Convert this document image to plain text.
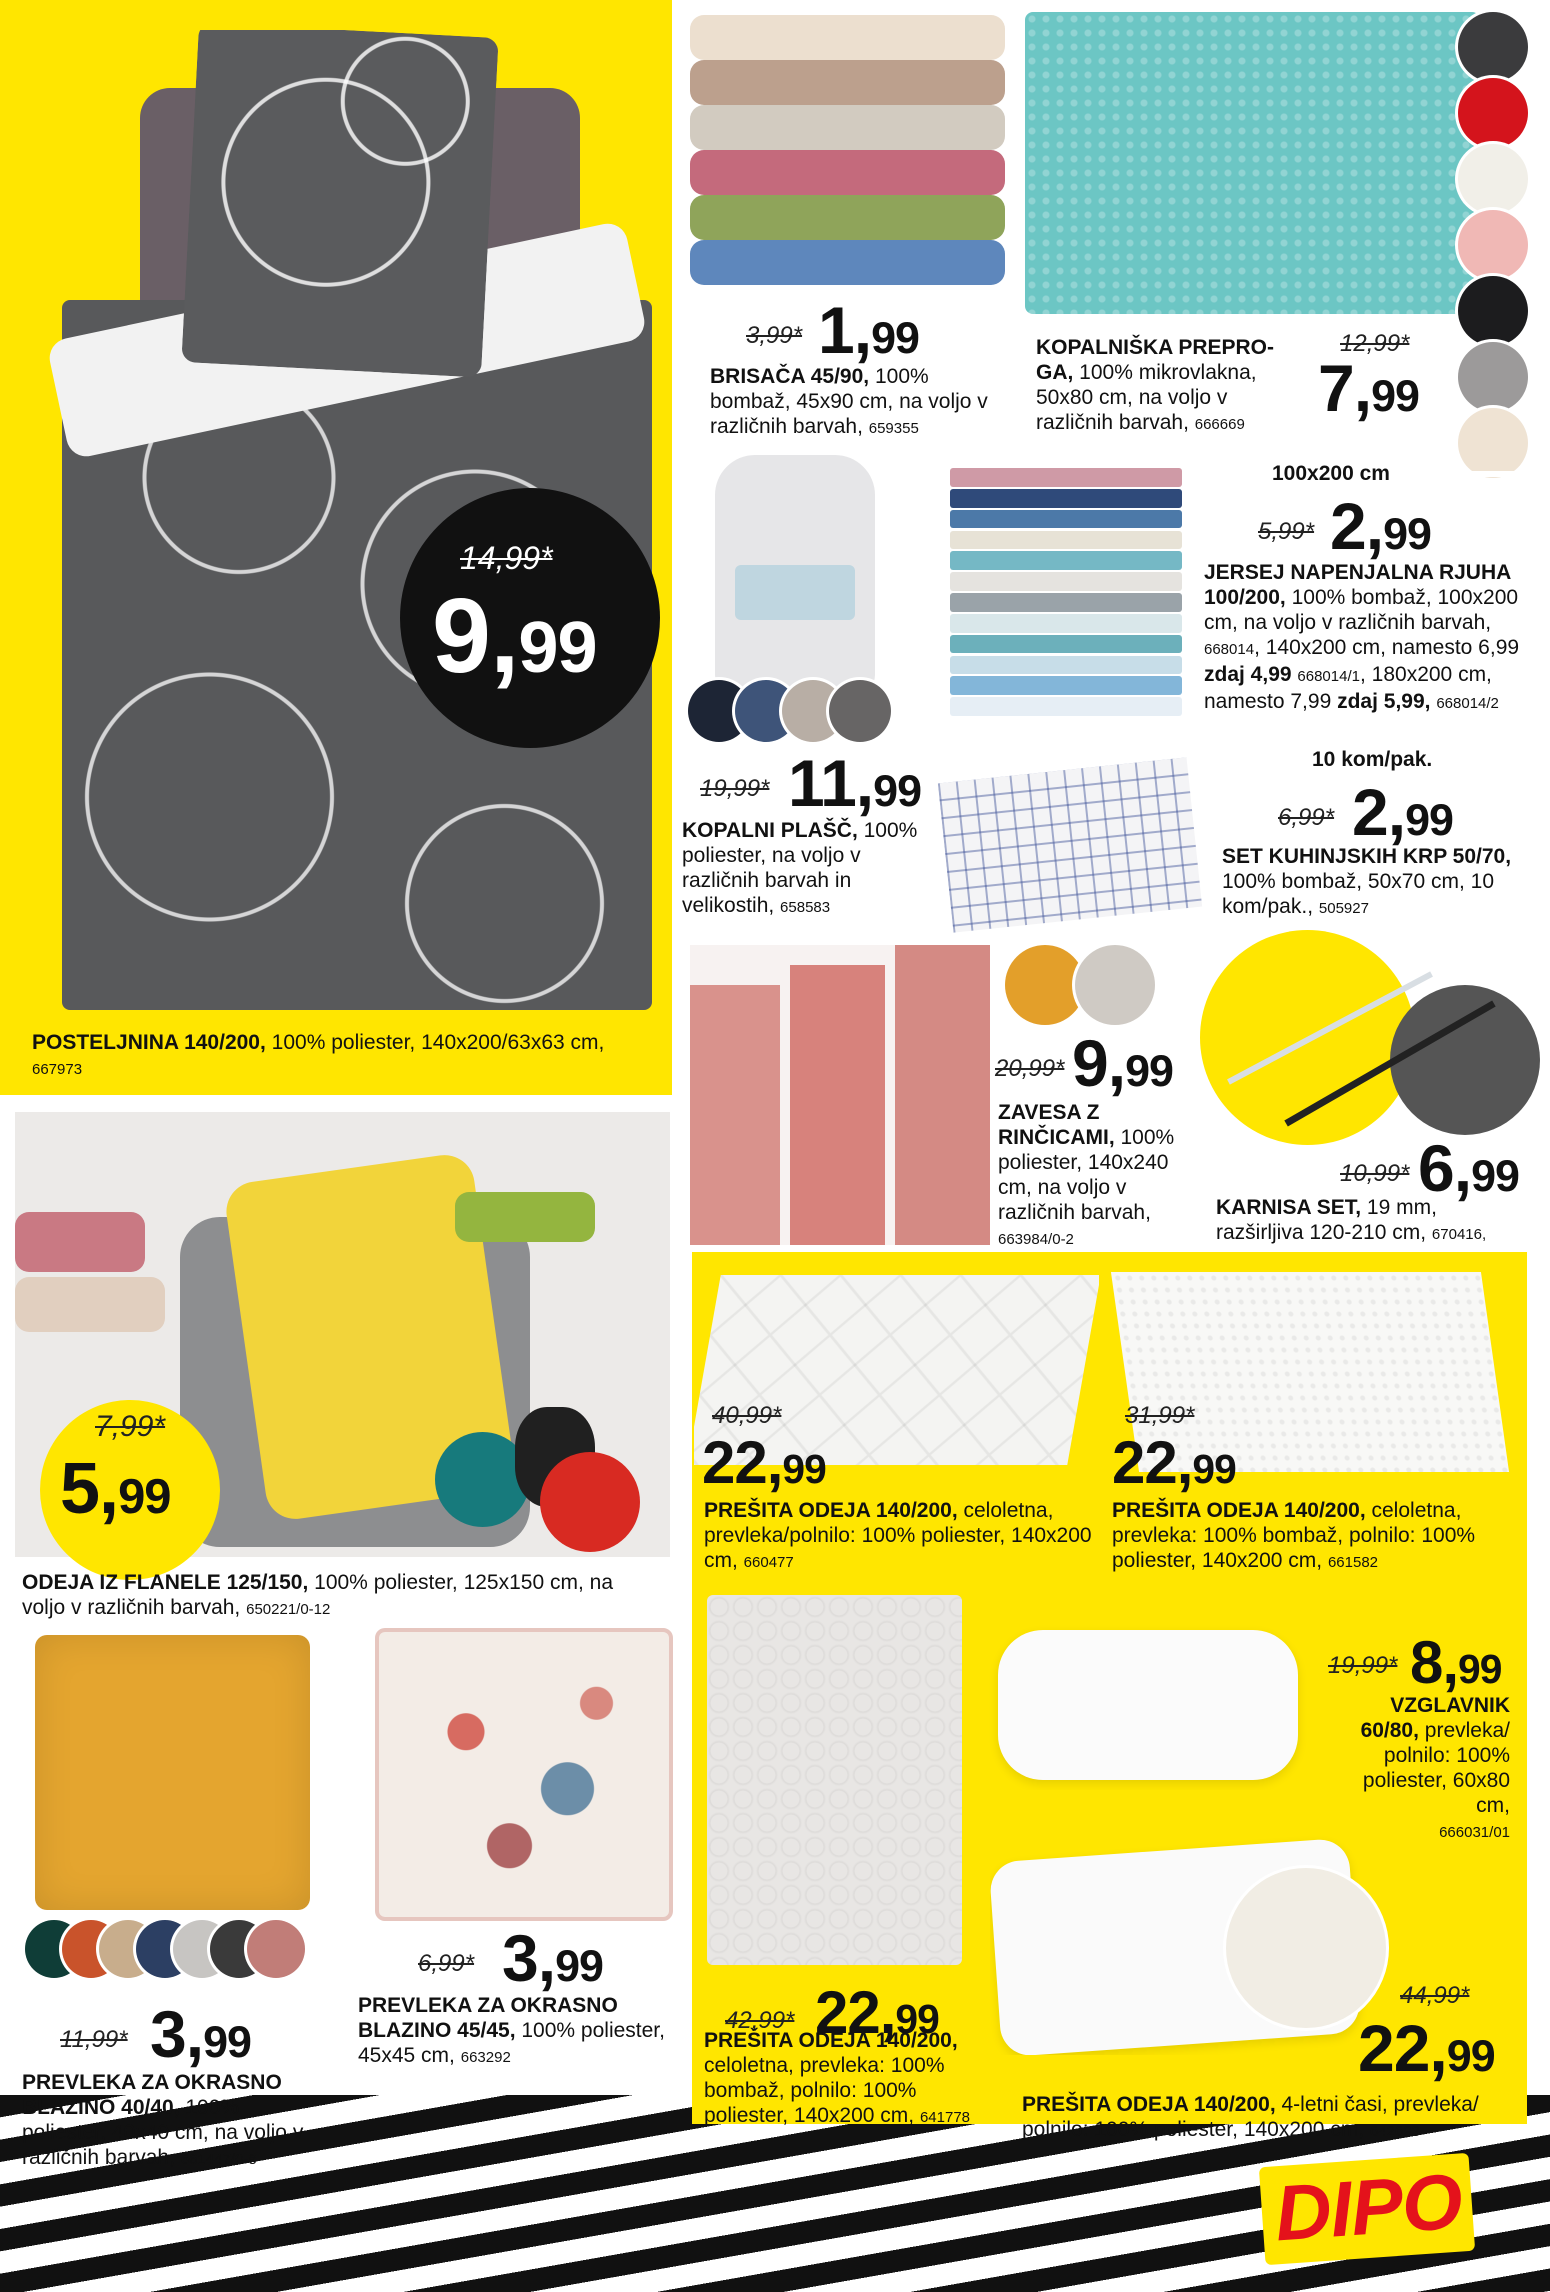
14,99*
9,99
POSTELJNINA 140/200, 100% poliester, 140x200/63x63 cm,
667973
3,99* 1,99
BRISAČA 45/90, 100% bombaž, 45x90 cm, na voljo v različnih barvah, 659355
KOPALNIŠKA PREPRO-GA, 100% mikrovlakna, 50x80 cm, na voljo v različnih barvah, 666669
12,99*
7,99
19,99* 11,99
KOPALNI PLAŠČ, 100% poliester, na voljo v različnih barvah in velikostih, 658583
100x200 cm
5,99* 2,99
JERSEJ NAPENJALNA RJUHA 100/200, 100% bombaž, 100x200 cm, na voljo v različnih barvah, 668014, 140x200 cm, namesto 6,99 zdaj 4,99 668014/1, 180x200 cm, namesto 7,99 zdaj 5,99, 668014/2
10 kom/pak.
6,99* 2,99
SET KUHINJSKIH KRP 50/70, 100% bombaž, 50x70 cm, 10 kom/pak., 505927
20,99* 9,99
ZAVESA Z RINČICAMI, 100% poliester, 140x240 cm, na voljo v različnih barvah, 663984/0-2
10,99* 6,99
KARNISA SET, 19 mm, razširljiva 120-210 cm, 670416,
7,99*
5,99
ODEJA IZ FLANELE 125/150, 100% poliester, 125x150 cm, na voljo v različnih barvah, 650221/0-12
40,99*
22,99
PREŠITA ODEJA 140/200, celoletna, prevleka/polnilo: 100% poliester, 140x200 cm, 660477
31,99*
22,99
PREŠITA ODEJA 140/200, celoletna, prevleka: 100% bombaž, polnilo: 100% poliester, 140x200 cm, 661582
42,99* 22,99
PREŠITA ODEJA 140/200, celoletna, prevleka: 100% bombaž, polnilo: 100% poliester, 140x200 cm, 641778
19,99* 8,99
VZGLAVNIK 60/80, prevleka/ polnilo: 100% poliester, 60x80 cm,
666031/01
44,99*
22,99
PREŠITA ODEJA 140/200, 4-letni časi, prevleka/ polnilo: 100% poliester, 140x200 cm, 642693
11,99* 3,99
PREVLEKA ZA OKRASNO BLAZINO 40/40, 100% poliester, 40x40 cm, na voljo v različnih barvah, 661447/0-8
6,99* 3,99
PREVLEKA ZA OKRASNO BLAZINO 45/45, 100% poliester, 45x45 cm, 663292
DIPO
